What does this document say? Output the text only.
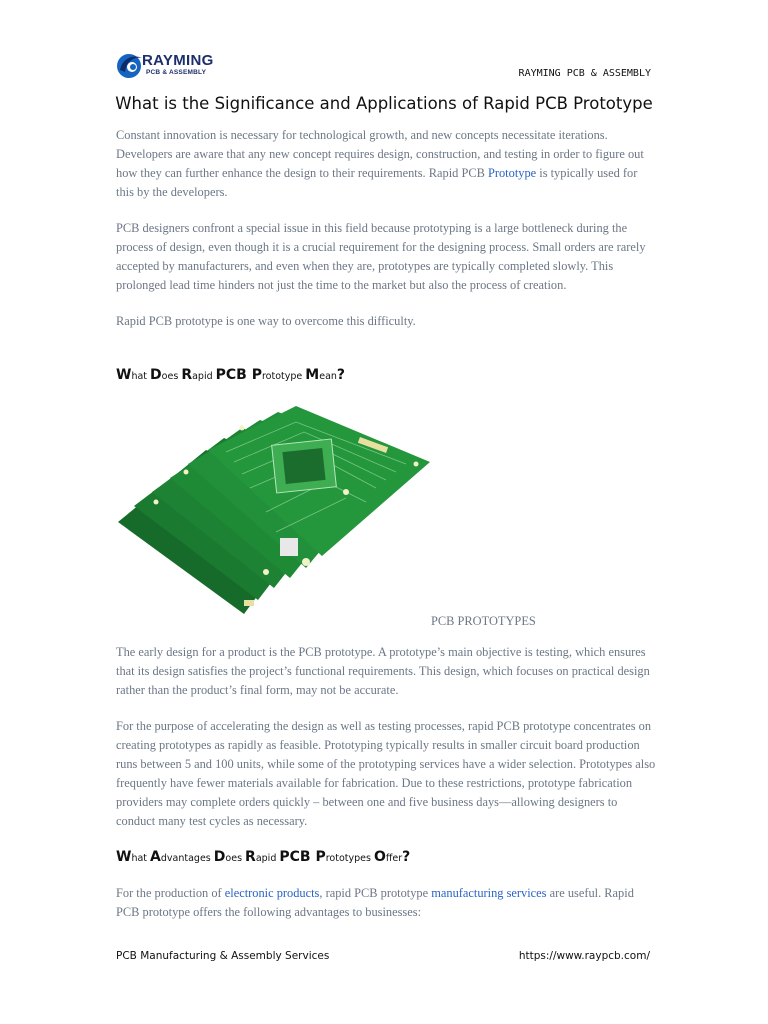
RAYMING
PCB & ASSEMBLY	RAYMING PCB & ASSEMBLY
What is the Significance and Applications of Rapid PCB Prototype

Constant innovation is necessary for technological growth, and new concepts necessitate iterations. Developers are aware that any new concept requires design, construction, and testing in order to figure out how they can further enhance the design to their requirements. Rapid PCB Prototype is typically used for this by the developers.

PCB designers confront a special issue in this field because prototyping is a large bottleneck during the process of design, even though it is a crucial requirement for the designing process. Small orders are rarely accepted by manufacturers, and even when they are, prototypes are typically completed slowly. This prolonged lead time hinders not just the time to the market but also the process of creation.

Rapid PCB prototype is one way to overcome this difficulty.

What Does Rapid PCB Prototype Mean?
PCB PROTOTYPES

The early design for a product is the PCB prototype. A prototype’s main objective is testing, which ensures that its design satisfies the project’s functional requirements. This design, which focuses on practical design rather than the product’s final form, may not be accurate.

For the purpose of accelerating the design as well as testing processes, rapid PCB prototype concentrates on creating prototypes as rapidly as feasible. Prototyping typically results in smaller circuit board production runs between 5 and 100 units, while some of the prototyping services have a wider selection. Prototypes also frequently have fewer materials available for fabrication. Due to these restrictions, prototype fabrication providers may complete orders quickly – between one and five business days—allowing designers to conduct many test cycles as necessary.

What Advantages Does Rapid PCB Prototypes Offer?

For the production of electronic products, rapid PCB prototype manufacturing services are useful. Rapid PCB prototype offers the following advantages to businesses:

PCB Manufacturing & Assembly Services	https://www.raypcb.com/
